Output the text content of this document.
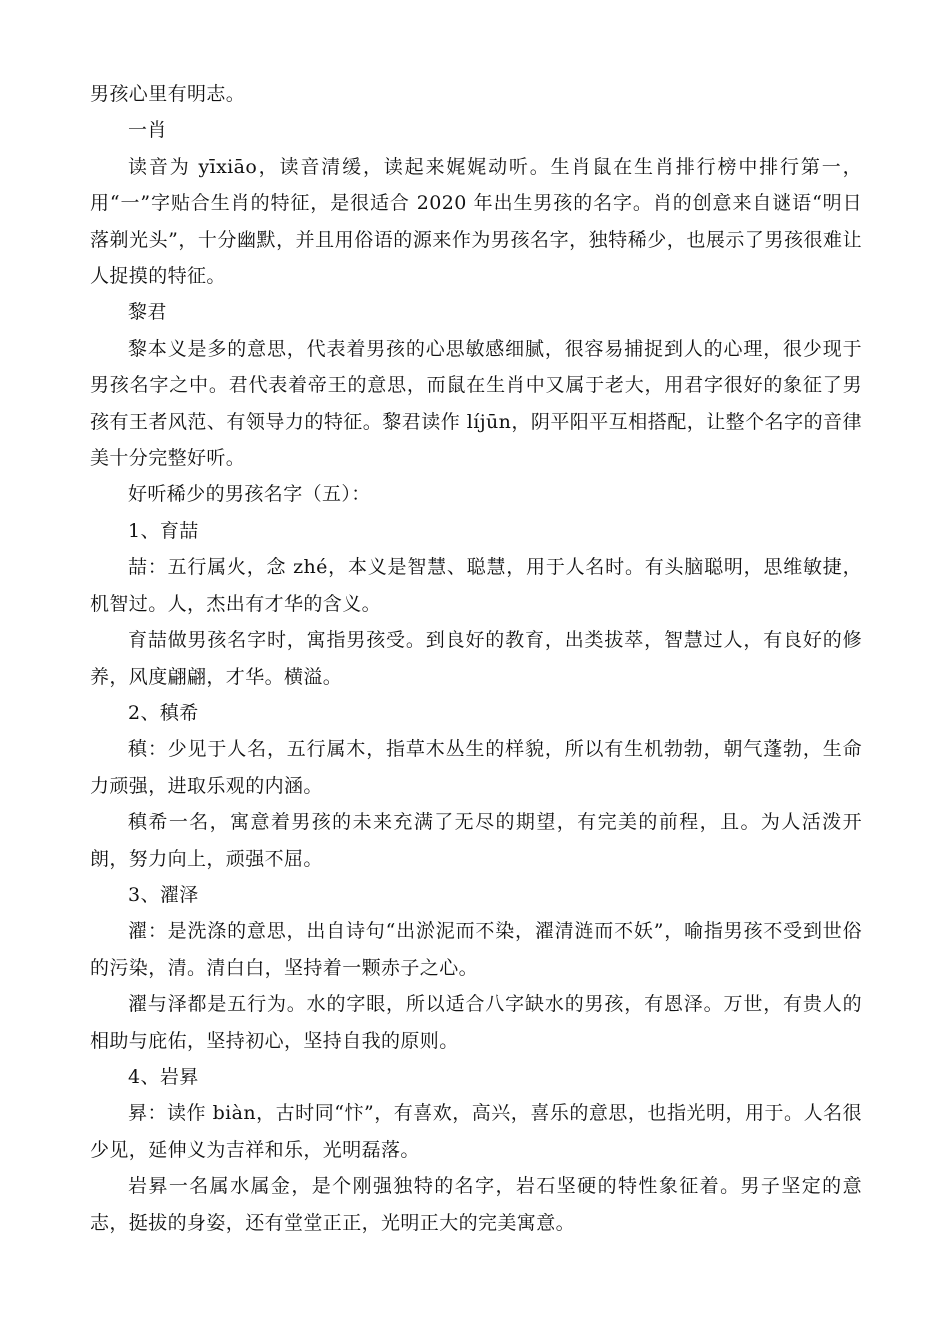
男孩心里有明志。

一肖

读音为 yīxiāo，读音清缓，读起来娓娓动听。生肖鼠在生肖排行榜中排行第一，用“一”字贴合生肖的特征，是很适合 2020 年出生男孩的名字。肖的创意来自谜语“明日落剃光头”，十分幽默，并且用俗语的源来作为男孩名字，独特稀少，也展示了男孩很难让人捉摸的特征。

黎君

黎本义是多的意思，代表着男孩的心思敏感细腻，很容易捕捉到人的心理，很少现于男孩名字之中。君代表着帝王的意思，而鼠在生肖中又属于老大，用君字很好的象征了男孩有王者风范、有领导力的特征。黎君读作 líjūn，阴平阳平互相搭配，让整个名字的音律美十分完整好听。

好听稀少的男孩名字（五）：

1、育喆

喆：五行属火，念 zhé，本义是智慧、聪慧，用于人名时。有头脑聪明，思维敏捷，机智过。人，杰出有才华的含义。

育喆做男孩名字时，寓指男孩受。到良好的教育，出类拔萃，智慧过人，有良好的修养，风度翩翩，才华。横溢。

2、稹希

稹：少见于人名，五行属木，指草木丛生的样貌，所以有生机勃勃，朝气蓬勃，生命力顽强，进取乐观的内涵。

稹希一名，寓意着男孩的未来充满了无尽的期望，有完美的前程，且。为人活泼开朗，努力向上，顽强不屈。

3、濯泽

濯：是洗涤的意思，出自诗句“出淤泥而不染，濯清涟而不妖”，喻指男孩不受到世俗的污染，清。清白白，坚持着一颗赤子之心。

濯与泽都是五行为。水的字眼，所以适合八字缺水的男孩，有恩泽。万世，有贵人的相助与庇佑，坚持初心，坚持自我的原则。

4、岩昪

昪：读作 biàn，古时同“忭”，有喜欢，高兴，喜乐的意思，也指光明，用于。人名很少见，延伸义为吉祥和乐，光明磊落。

岩昪一名属水属金，是个刚强独特的名字，岩石坚硬的特性象征着。男子坚定的意志，挺拔的身姿，还有堂堂正正，光明正大的完美寓意。
